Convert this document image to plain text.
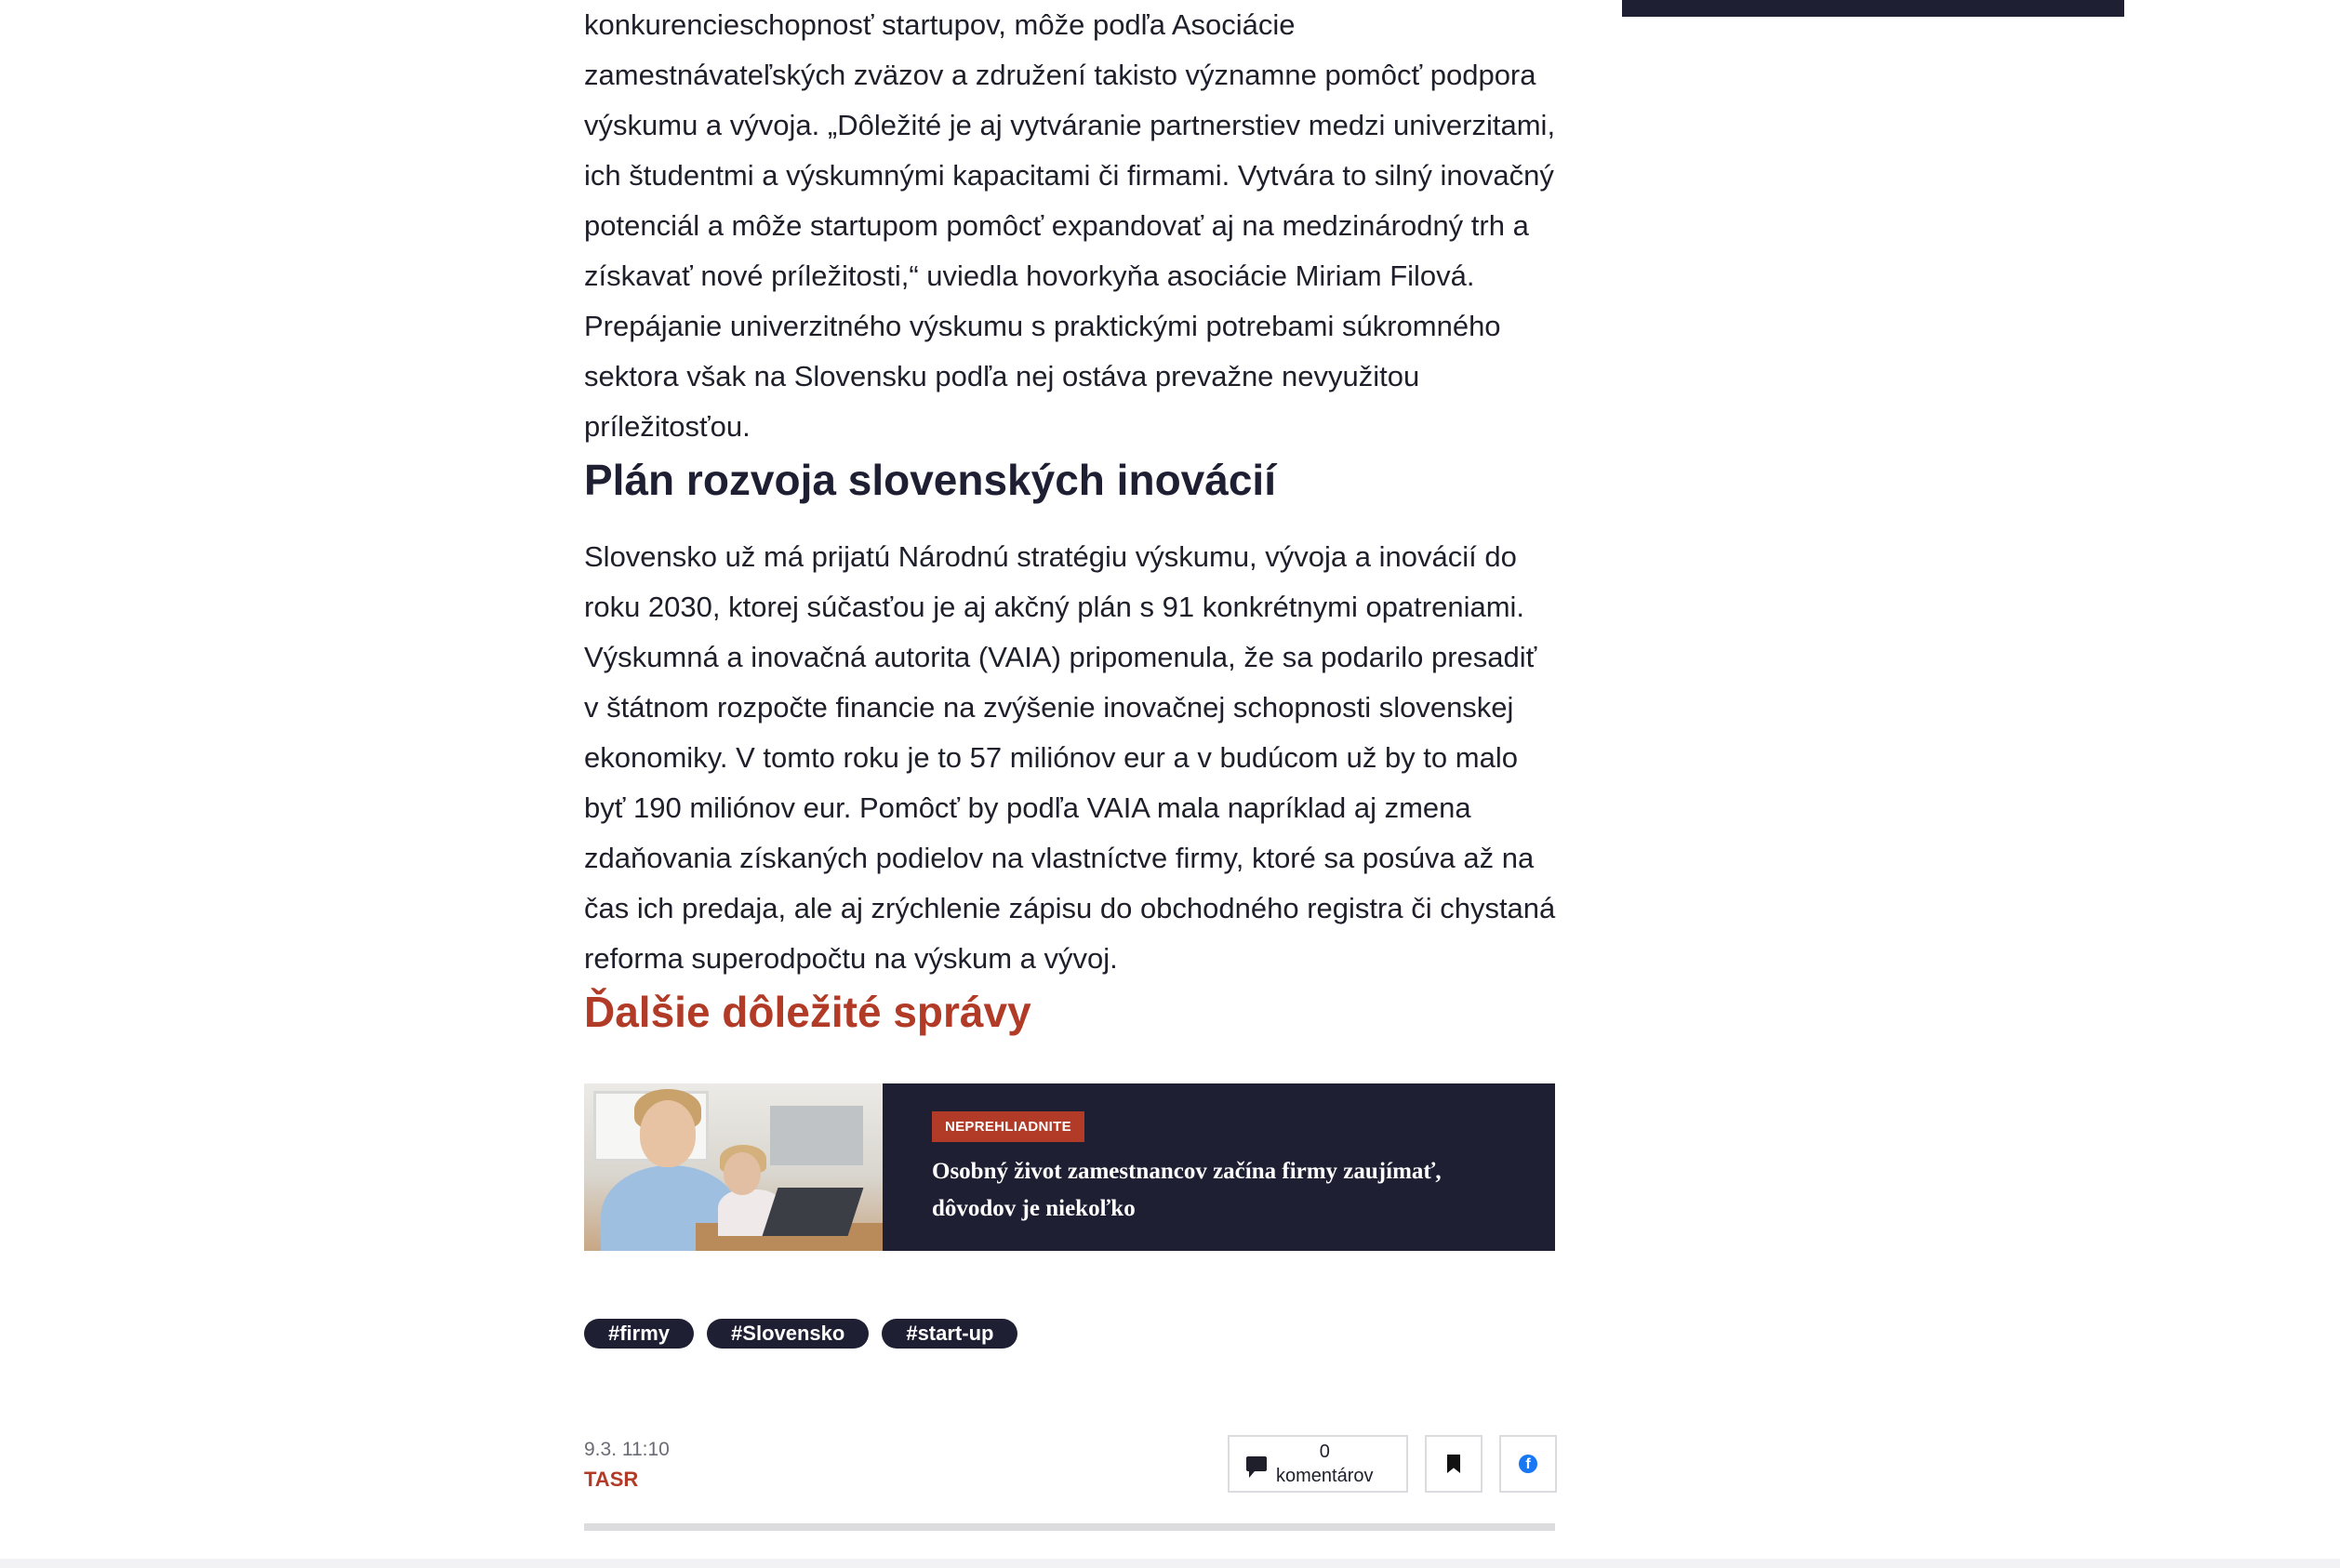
konkurencieschopnosť startupov, môže podľa Asociácie zamestnávateľských zväzov a združení takisto významne pomôcť podpora výskumu a vývoja. „Dôležité je aj vytváranie partnerstiev medzi univerzitami, ich študentmi a výskumnými kapacitami či firmami. Vytvára to silný inovačný potenciál a môže startupom pomôcť expandovať aj na medzinárodný trh a získavať nové príležitosti,“ uviedla hovorkyňa asociácie Miriam Filová. Prepájanie univerzitného výskumu s praktickými potrebami súkromného sektora však na Slovensku podľa nej ostáva prevažne nevyužitou príležitosťou.

Plán rozvoja slovenských inovácií

Slovensko už má prijatú Národnú stratégiu výskumu, vývoja a inovácií do roku 2030, ktorej súčasťou je aj akčný plán s 91 konkrétnymi opatreniami. Výskumná a inovačná autorita (VAIA) pripomenula, že sa podarilo presadiť v štátnom rozpočte financie na zvýšenie inovačnej schopnosti slovenskej ekonomiky. V tomto roku je to 57 miliónov eur a v budúcom už by to malo byť 190 miliónov eur. Pomôcť by podľa VAIA mala napríklad aj zmena zdaňovania získaných podielov na vlastníctve firmy, ktoré sa posúva až na čas ich predaja, ale aj zrýchlenie zápisu do obchodného registra či chystaná reforma superodpočtu na výskum a vývoj.

Ďalšie dôležité správy
NEPREHLIADNITE

Osobný život zamestnancov začína firmy zaujímať, dôvodov je niekoľko

#firmy	#Slovensko	#start-up
9.3. 11:10
TASR
0
komentárov
f
